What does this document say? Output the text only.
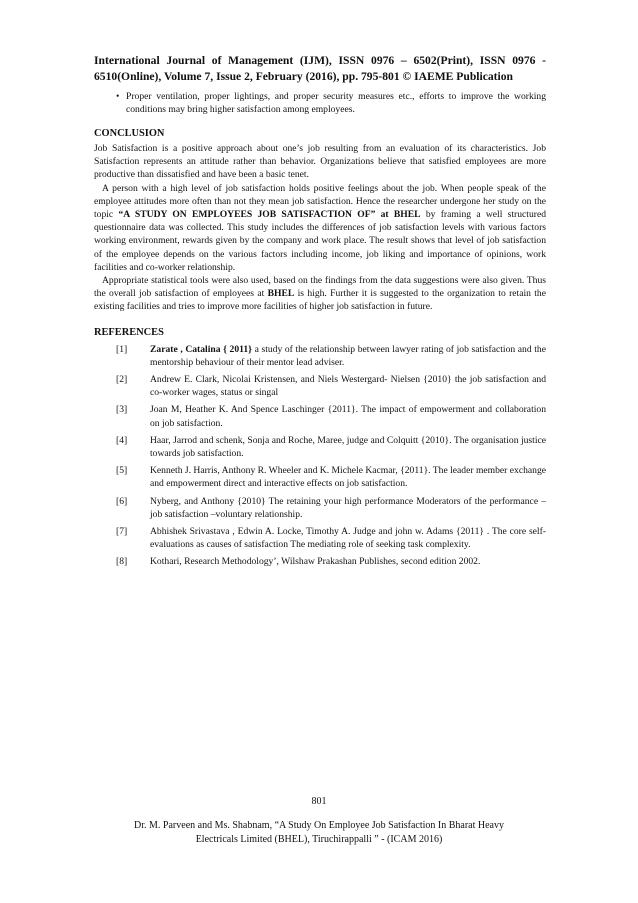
International Journal of Management (IJM), ISSN 0976 – 6502(Print), ISSN 0976 - 6510(Online), Volume 7, Issue 2, February (2016), pp. 795-801 © IAEME Publication

• Proper ventilation, proper lightings, and proper security measures etc., efforts to improve the working conditions may bring higher satisfaction among employees.
CONCLUSION

Job Satisfaction is a positive approach about one’s job resulting from an evaluation of its characteristics. Job Satisfaction represents an attitude rather than behavior. Organizations believe that satisfied employees are more productive than dissatisfied and have been a basic tenet.

A person with a high level of job satisfaction holds positive feelings about the job. When people speak of the employee attitudes more often than not they mean job satisfaction. Hence the researcher undergone her study on the topic “A STUDY ON EMPLOYEES JOB SATISFACTION OF” at BHEL by framing a well structured questionnaire data was collected. This study includes the differences of job satisfaction levels with various factors working environment, rewards given by the company and work place. The result shows that level of job satisfaction of the employee depends on the various factors including income, job liking and importance of opinions, work facilities and co-worker relationship.

Appropriate statistical tools were also used, based on the findings from the data suggestions were also given. Thus the overall job satisfaction of employees at BHEL is high. Further it is suggested to the organization to retain the existing facilities and tries to improve more facilities of higher job satisfaction in future.

REFERENCES
[1]	Zarate , Catalina { 2011} a study of the relationship between lawyer rating of job satisfaction and the mentorship behaviour of their mentor lead adviser.
[2]	Andrew E. Clark, Nicolai Kristensen, and Niels Westergard- Nielsen {2010} the job satisfaction and co-worker wages, status or singal
[3]	Joan M, Heather K. And Spence Laschinger {2011}. The impact of empowerment and collaboration on job satisfaction.
[4]	Haar, Jarrod and schenk, Sonja and Roche, Maree, judge and Colquitt {2010}. The organisation justice towards job satisfaction.
[5]	Kenneth J. Harris, Anthony R. Wheeler and K. Michele Kacmar, {2011}. The leader member exchange and empowerment direct and interactive effects on job satisfaction.
[6]	Nyberg, and Anthony {2010} The retaining your high performance Moderators of the performance – job satisfaction –voluntary relationship.
[7]	Abhishek Srivastava , Edwin A. Locke, Timothy A. Judge and john w. Adams {2011} . The core self-evaluations as causes of satisfaction The mediating role of seeking task complexity.
[8]	Kothari, Research Methodology’, Wilshaw Prakashan Publishes, second edition 2002.
801
Dr. M. Parveen and Ms. Shabnam, “A Study On Employee Job Satisfaction In Bharat Heavy
Electricals Limited (BHEL), Tiruchirappalli ” - (ICAM 2016)
